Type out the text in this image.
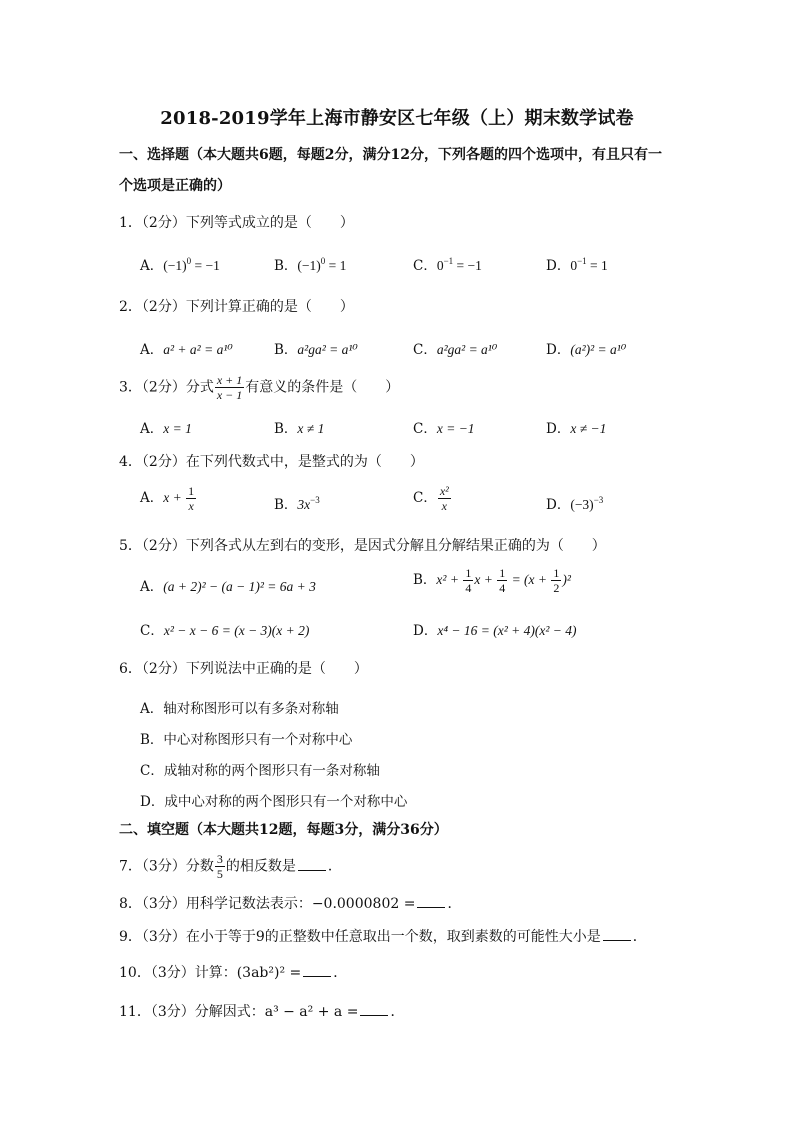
2018-2019学年上海市静安区七年级（上）期末数学试卷
一、选择题（本大题共6题，每题2分，满分12分，下列各题的四个选项中，有且只有一
个选项是正确的）
1．（2分）下列等式成立的是（　　）
A．$(-1)^0 = -1$	B．$(-1)^0 = 1$	C．$0^{-1} = -1$	D．$0^{-1} = 1$
2．（2分）下列计算正确的是（　　）
A．a² + a² = a¹⁰	B．a²ga² = a¹⁰	C．a²ga² = a¹⁰	D．(a²)² = a¹⁰
3．（2分）分式 $\frac{x + 1}{x - 1}$ 有意义的条件是（　　）
A．x = 1	B．x ≠ 1	C．x = −1	D．x ≠ −1
4．（2分）在下列代数式中，是整式的为（　　）
A．$x + \frac{1}{x}$	B．$3x^{-3}$	C． $\frac{\text{x²}}{x}$	D．$(-3)^{-3}$
5．（2分）下列各式从左到右的变形，是因式分解且分解结果正确的为（　　）
A．(a + 2)² − (a − 1)² = 6a + 3	B．$x^2 + \frac{1}{4}$ $x + \frac{1}{4} = (x + \frac{1}{2} )^2$
C．x² − x − 6 = (x − 3)(x + 2)	D．x⁴ − 16 = (x² + 4)(x² − 4)
6．（2分）下列说法中正确的是（　　）
A．轴对称图形可以有多条对称轴
B．中心对称图形只有一个对称中心
C．成轴对称的两个图形只有一条对称轴
D．成中心对称的两个图形只有一个对称中心
二、填空题（本大题共12题，每题3分，满分36分）
7．（3分）分数 $\frac{3}{5}$ 的相反数是 ．
8．（3分）用科学记数法表示：−0.0000802 = ．
9．（3分）在小于等于9的正整数中任意取出一个数，取到素数的可能性大小是 ．
10．（3分）计算：(3ab²)² = ．
11．（3分）分解因式：a³ − a² + a = ．
